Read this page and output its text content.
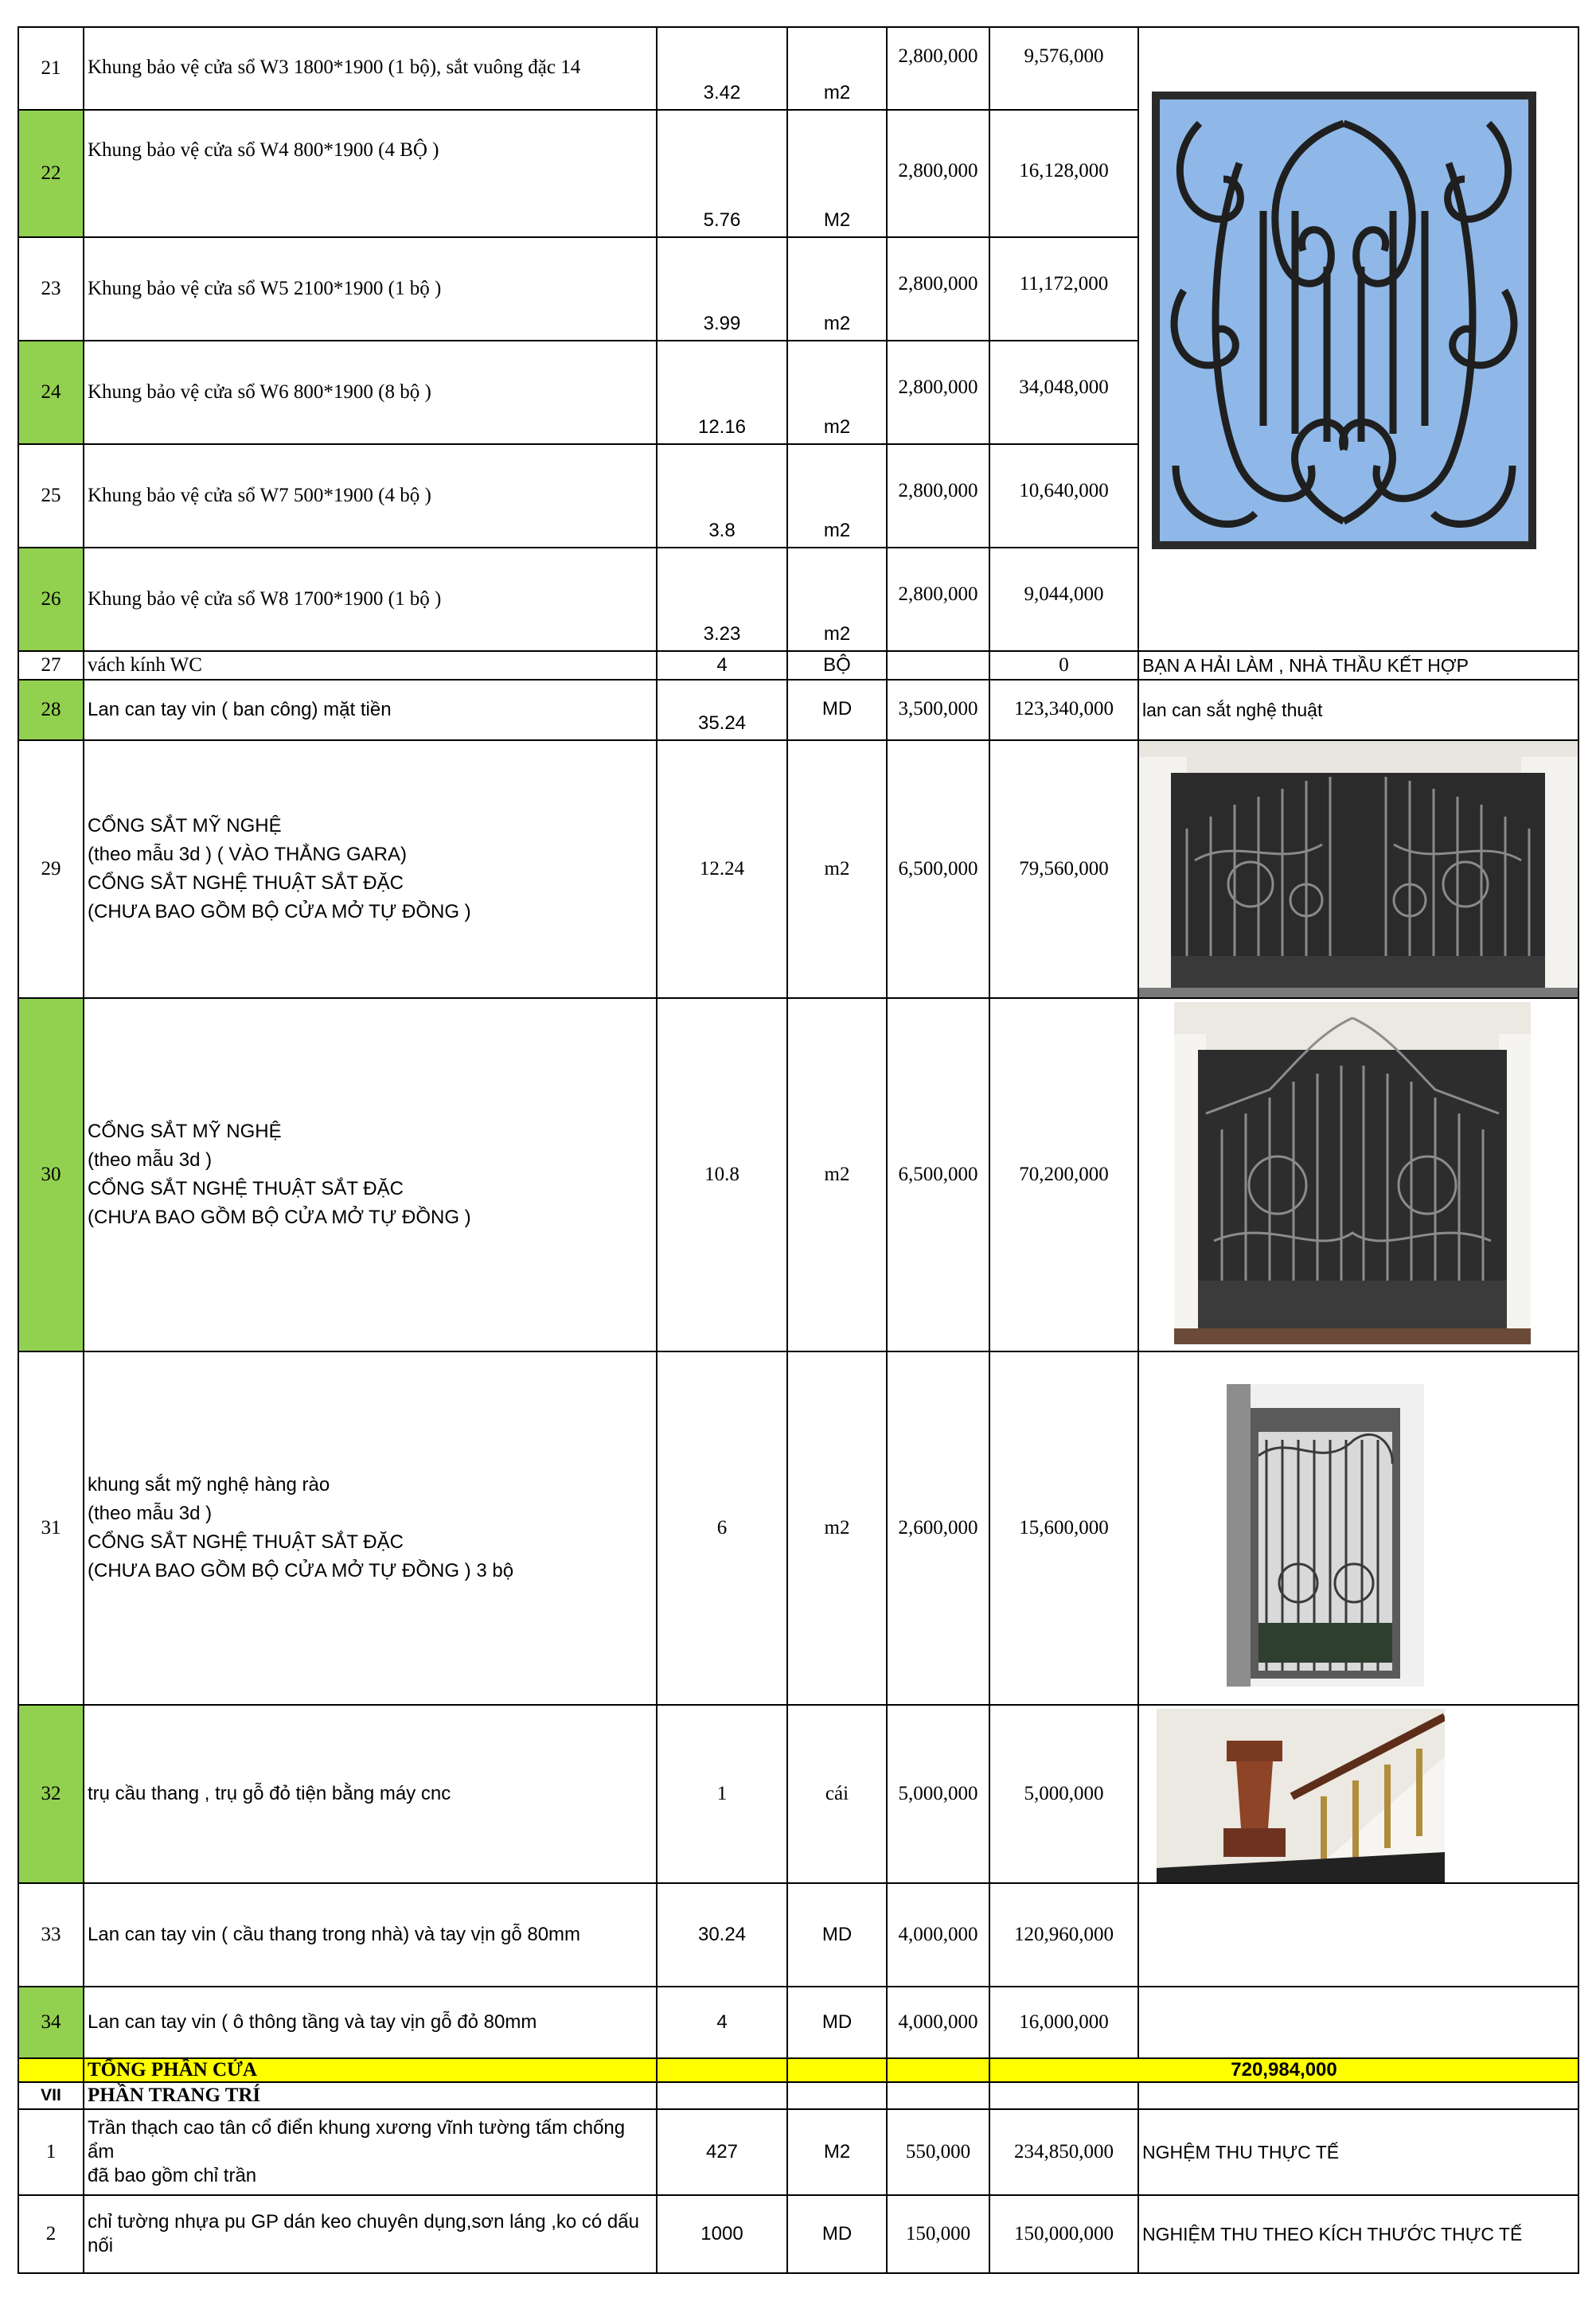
21	Khung bảo vệ cửa sổ W3 1800*1900 (1 bộ), sắt vuông đặc 14	3.42	m2	2,800,000	9,576,000	

22	Khung bảo vệ cửa sổ W4 800*1900 (4 BỘ )	5.76	M2	2,800,000	16,128,000	
23	Khung bảo vệ cửa sổ W5 2100*1900 (1 bộ )	3.99	m2	2,800,000	11,172,000	
24	Khung bảo vệ cửa sổ W6 800*1900 (8 bộ )	12.16	m2	2,800,000	34,048,000	
25	Khung bảo vệ cửa sổ W7 500*1900 (4 bộ )	3.8	m2	2,800,000	10,640,000	
26	Khung bảo vệ cửa sổ W8 1700*1900 (1 bộ )	3.23	m2	2,800,000	9,044,000	
27	vách kính WC	4	BỘ		0	BẠN A HẢI LÀM , NHÀ THẦU KẾT HỢP
28	Lan can tay vin ( ban công) mặt tiền	35.24	MD	3,500,000	123,340,000	lan can sắt nghệ thuật
29	CỔNG SẮT MỸ NGHỆ
(theo mẫu 3d ) ( VÀO THẲNG GARA)
CỔNG SẮT NGHỆ THUẬT SẮT ĐẶC
(CHƯA BAO GỒM BỘ CỬA MỞ TỰ ĐỒNG )	12.24	m2	6,500,000	79,560,000	

30	CỔNG SẮT MỸ NGHỆ
(theo mẫu 3d )
CỔNG SẮT NGHỆ THUẬT SẮT ĐẶC
(CHƯA BAO GỒM BỘ CỬA MỞ TỰ ĐỒNG )	10.8	m2	6,500,000	70,200,000	

31	khung sắt mỹ nghệ hàng rào
(theo mẫu 3d )
CỔNG SẮT NGHỆ THUẬT SẮT ĐẶC
(CHƯA BAO GỒM BỘ CỬA MỞ TỰ ĐỒNG ) 3 bộ	6	m2	2,600,000	15,600,000	

32	trụ cầu thang , trụ gỗ đỏ tiện bằng máy cnc	1	cái	5,000,000	5,000,000	

33	Lan can tay vin ( cầu thang trong nhà) và tay vịn gỗ 80mm	30.24	MD	4,000,000	120,960,000	
34	Lan can tay vin ( ô thông tầng và tay vịn gỗ đỏ 80mm	4	MD	4,000,000	16,000,000	
	TỔNG PHẦN CỬA				720,984,000	
VII	PHẦN TRANG TRÍ					
1	Trần thạch cao tân cổ điển khung xương vĩnh tường tấm chống
ẩm
đã bao gồm chỉ trần	427	M2	550,000	234,850,000	NGHỆM THU THỰC TẾ
2	chỉ tường nhựa pu GP dán keo chuyên dụng,sơn láng ,ko có dấu
nối	1000	MD	150,000	150,000,000	NGHIỆM THU THEO KÍCH THƯỚC THỰC TẾ
